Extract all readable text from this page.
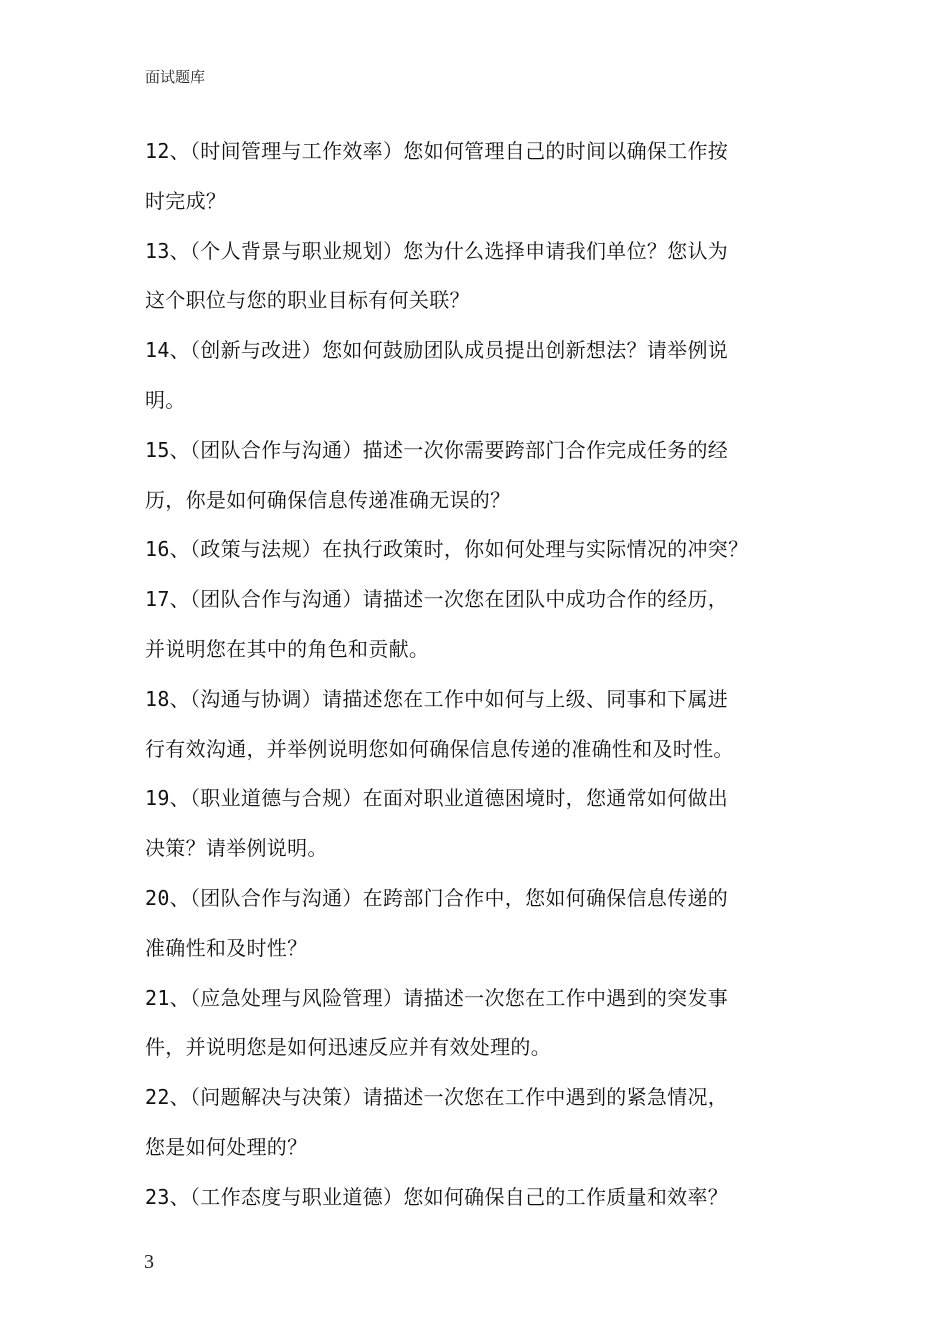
面试题库

12、（时间管理与工作效率）您如何管理自己的时间以确保工作按
时完成？

13、（个人背景与职业规划）您为什么选择申请我们单位？您认为
这个职位与您的职业目标有何关联？

14、（创新与改进）您如何鼓励团队成员提出创新想法？请举例说
明。

15、（团队合作与沟通）描述一次你需要跨部门合作完成任务的经
历，你是如何确保信息传递准确无误的？

16、（政策与法规）在执行政策时，你如何处理与实际情况的冲突？

17、（团队合作与沟通）请描述一次您在团队中成功合作的经历，
并说明您在其中的角色和贡献。

18、（沟通与协调）请描述您在工作中如何与上级、同事和下属进
行有效沟通，并举例说明您如何确保信息传递的准确性和及时性。

19、（职业道德与合规）在面对职业道德困境时，您通常如何做出
决策？请举例说明。

20、（团队合作与沟通）在跨部门合作中，您如何确保信息传递的
准确性和及时性？

21、（应急处理与风险管理）请描述一次您在工作中遇到的突发事
件，并说明您是如何迅速反应并有效处理的。

22、（问题解决与决策）请描述一次您在工作中遇到的紧急情况，
您是如何处理的？

23、（工作态度与职业道德）您如何确保自己的工作质量和效率？

3
